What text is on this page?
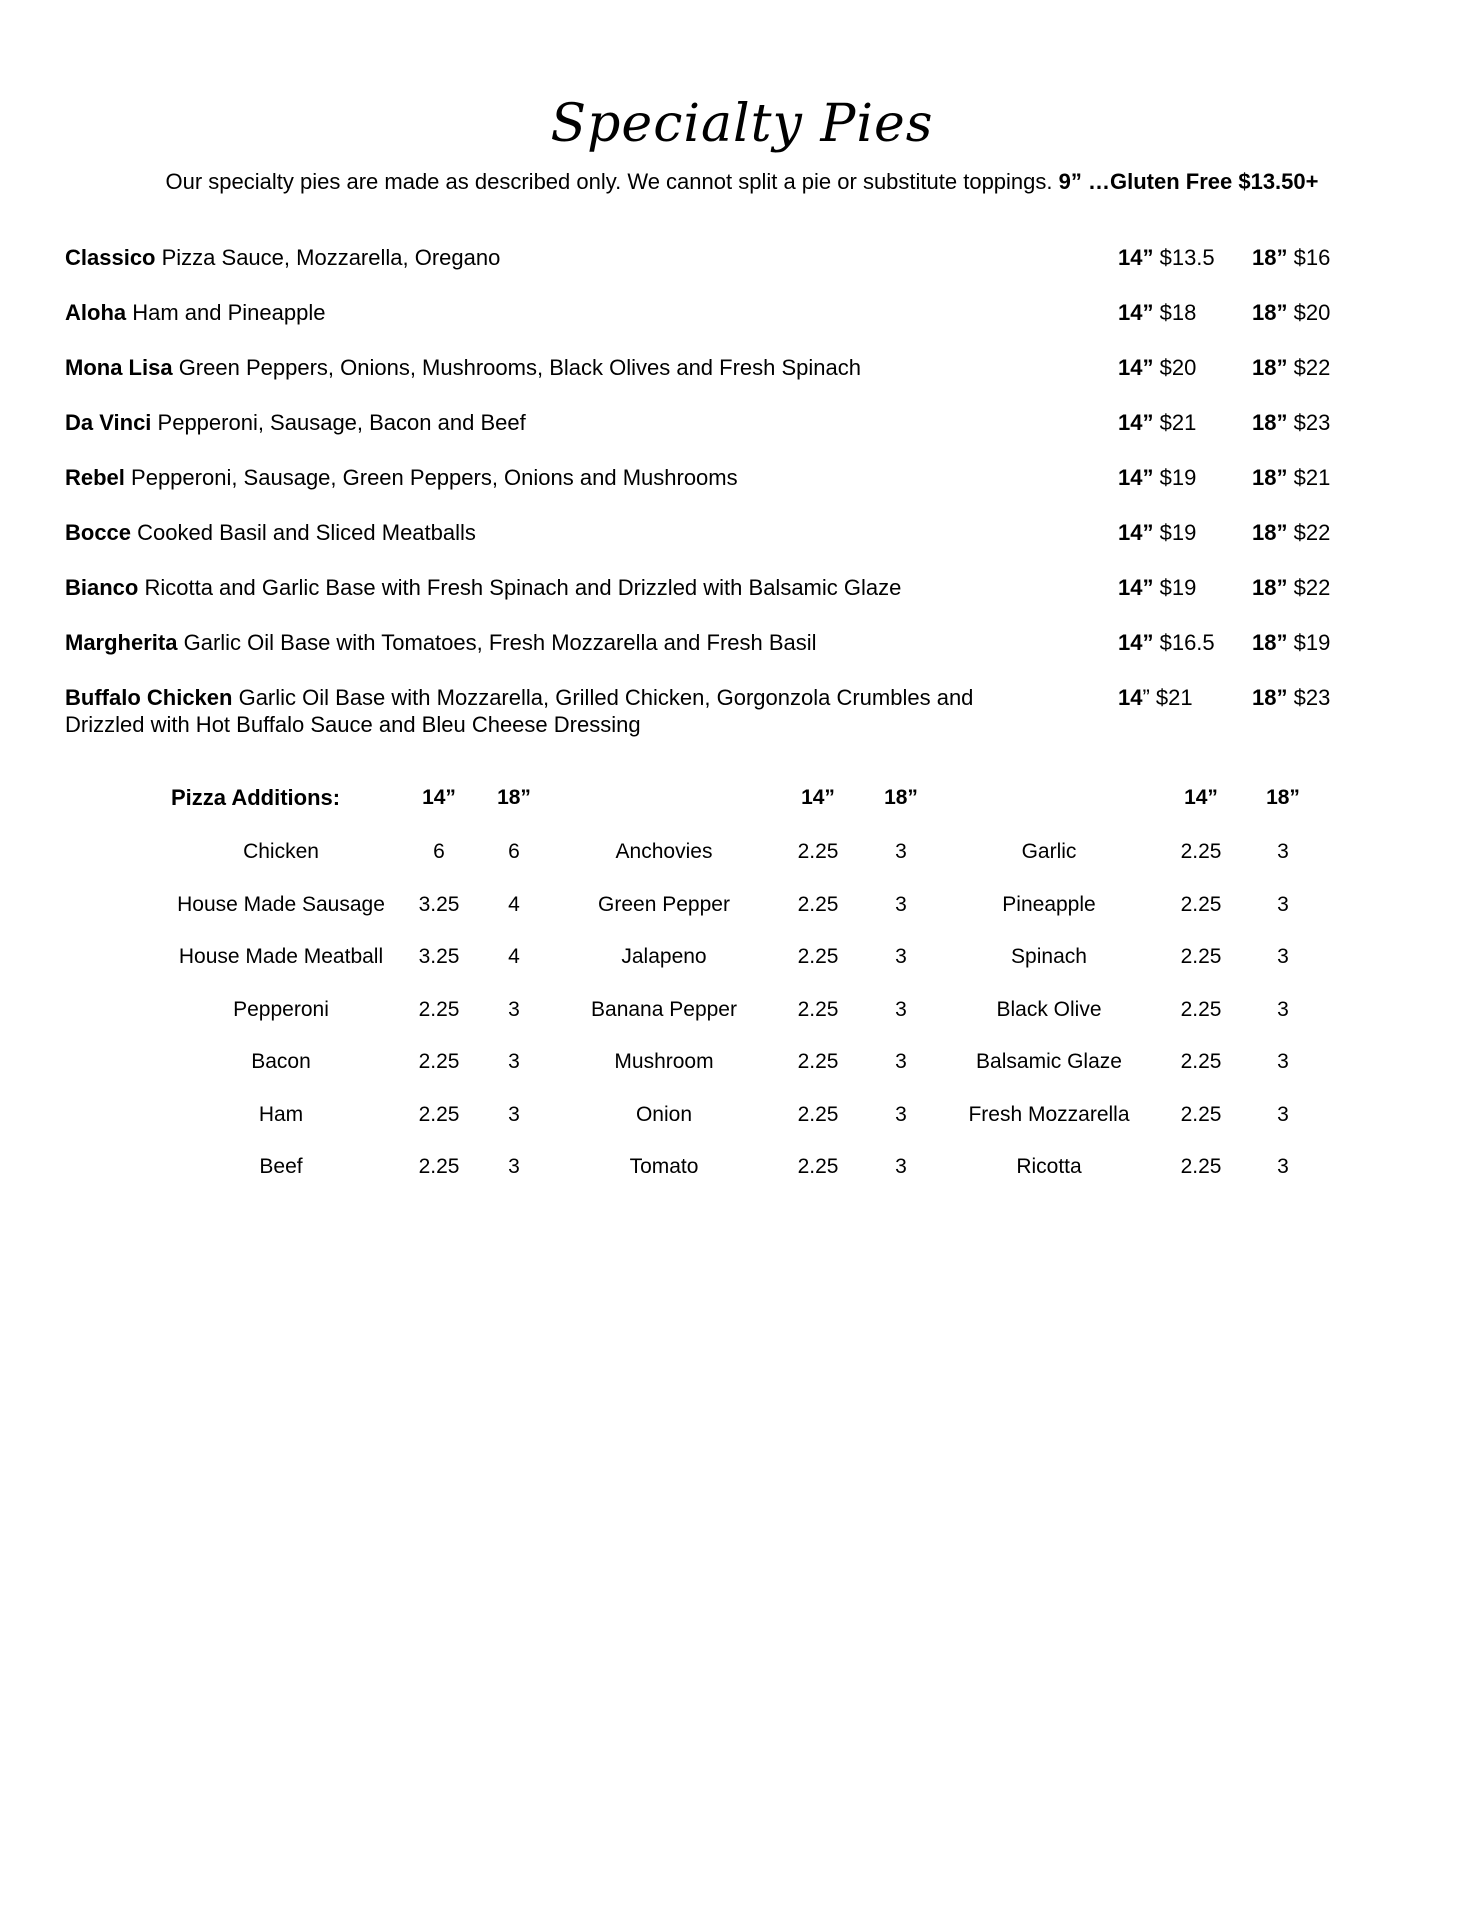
Specialty Pies
Our specialty pies are made as described only. We cannot split a pie or substitute toppings. 9” …Gluten Free $13.50+
Classico Pizza Sauce, Mozzarella, Oregano	14” $13.5 18” $16
Aloha Ham and Pineapple	14” $18	18” $20
Mona Lisa Green Peppers, Onions, Mushrooms, Black Olives and Fresh Spinach	14” $20	18” $22
Da Vinci Pepperoni, Sausage, Bacon and Beef	14” $21	18” $23
Rebel Pepperoni, Sausage, Green Peppers, Onions and Mushrooms	14” $19	18” $21
Bocce Cooked Basil and Sliced Meatballs	14” $19	18” $22
Bianco Ricotta and Garlic Base with Fresh Spinach and Drizzled with Balsamic Glaze	14” $19	18” $22
Margherita Garlic Oil Base with Tomatoes, Fresh Mozzarella and Fresh Basil	14” $16.5 18” $19
Buffalo Chicken Garlic Oil Base with Mozzarella, Grilled Chicken, Gorgonzola Crumbles and Drizzled with Hot Buffalo Sauce and Bleu Cheese Dressing
14” $21	18” $23
Pizza Additions:	14” 18”
Chicken	6	6
House Made Sausage 3.25 4
House Made Meatball 3.25 4
Pepperoni	2.25 3
Bacon	2.25 3
Ham	2.25 3
Beef	2.25 3
14” 18”
Anchovies	2.25	3
Green Pepper	2.25	3
Jalapeno	2.25	3
Banana Pepper	2.25	3
Mushroom	2.25	3
Onion	2.25	3
Tomato	2.25	3
14” 18”
Garlic	2.25	3
Pineapple	2.25	3
Spinach	2.25	3
Black Olive	2.25	3
Balsamic Glaze	2.25	3
Fresh Mozzarella 2.25	3
Ricotta	2.25	3
